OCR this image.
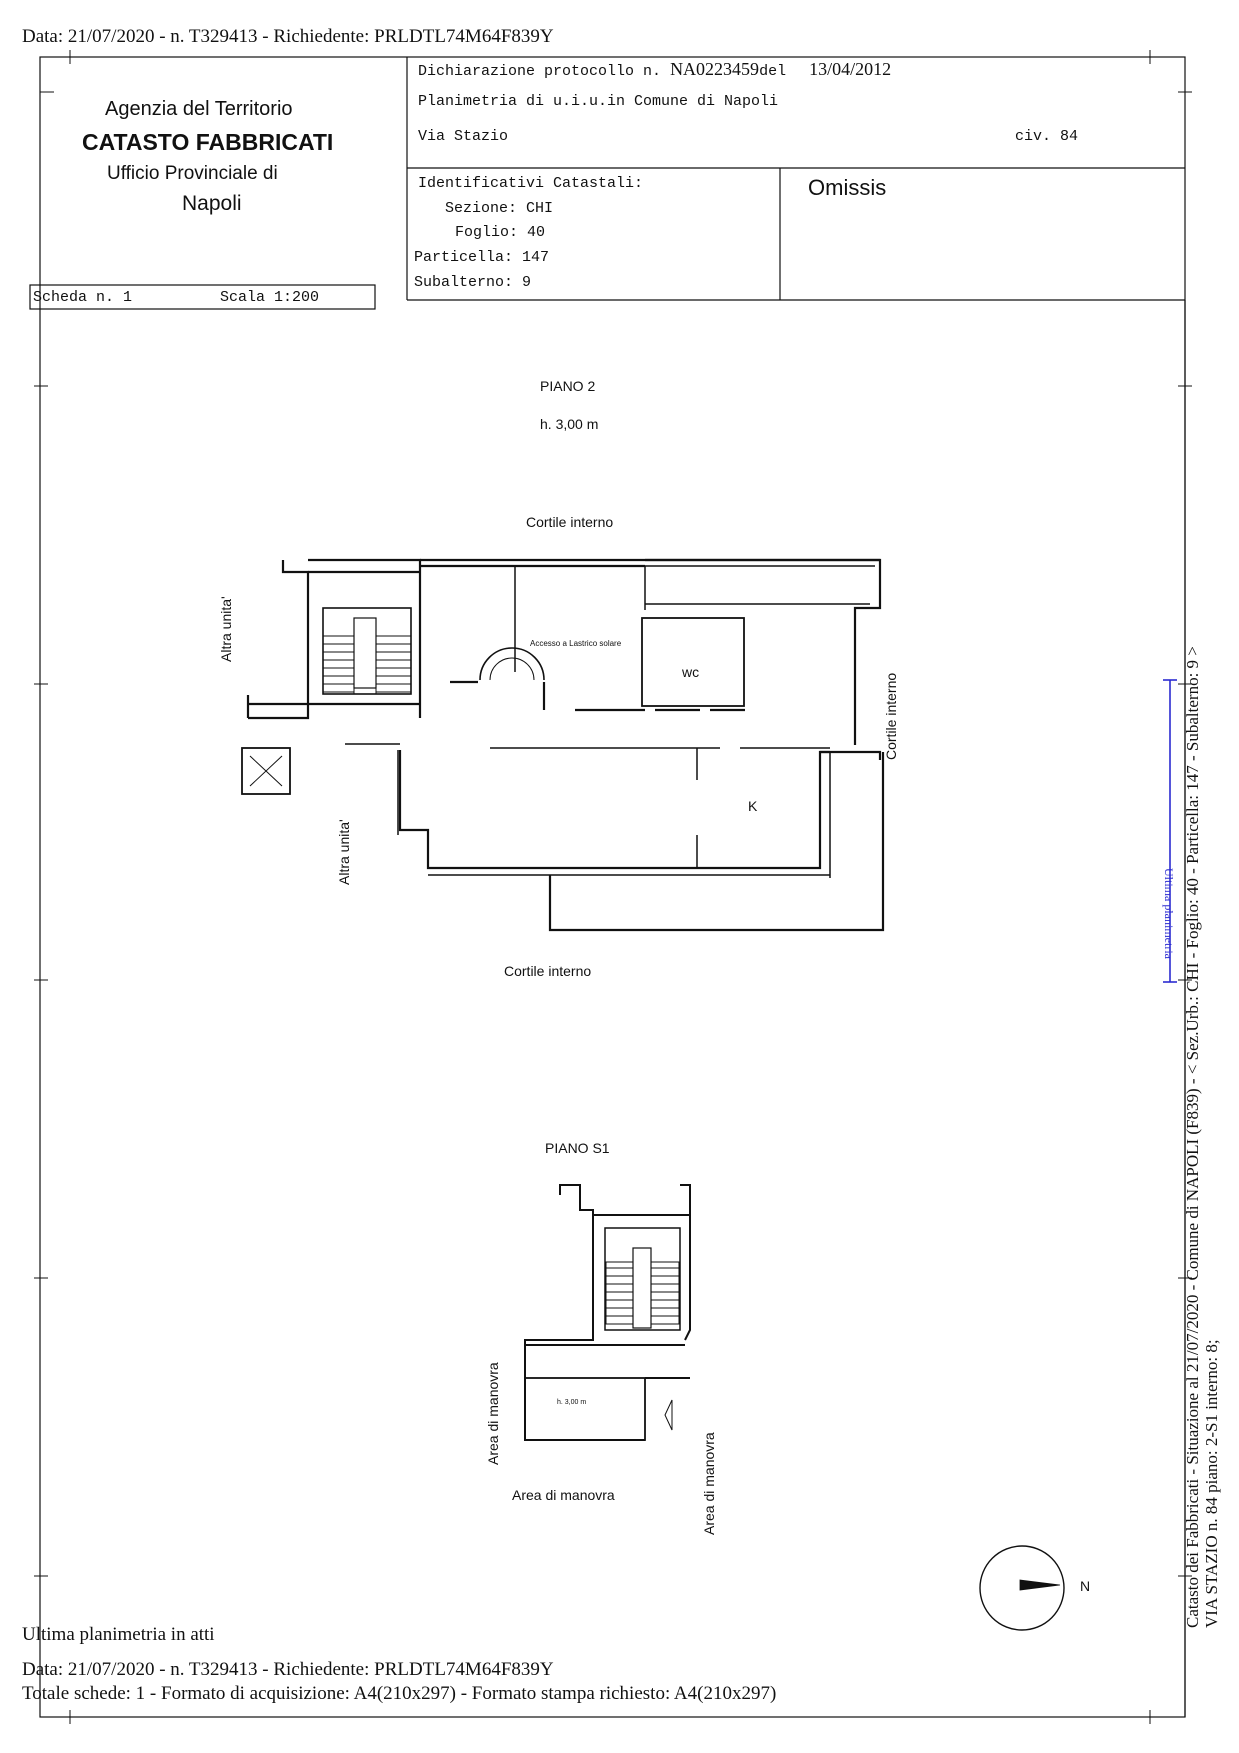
Data: 21/07/2020 - n. T329413 - Richiedente: PRLDTL74M64F839Y
Agenzia del Territorio
CATASTO FABBRICATI
Ufficio Provinciale di
Napoli
Dichiarazione protocollo n. NA0223459del 13/04/2012
Planimetria di u.i.u.in Comune di Napoli
Via Stazio	civ. 84
Identificativi Catastali:
Sezione: CHI
Foglio: 40
Particella: 147
Subalterno: 9
Omissis
Scheda n. 1	Scala 1:200
PIANO 2
h. 3,00 m
Cortile interno
Cortile interno
Cortile interno
Altra unita'
Altra unita'
Accesso a Lastrico solare
wc
K
PIANO S1
h. 3,00 m
Area di manovra
Area di manovra	Area di manovra
N	Catasto dei Fabbricati - Situazione al 21/07/2020 - Comune di NAPOLI (F839) - < Sez.Urb.: CHI - Foglio: 40 - Particella: 147 - Subalterno: 9 > VIA STAZIO n. 84 piano: 2-S1 interno: 8;
Ultima planimetria
Ultima planimetria in atti
Data: 21/07/2020 - n. T329413 - Richiedente: PRLDTL74M64F839Y
Totale schede: 1 - Formato di acquisizione: A4(210x297) - Formato stampa richiesto: A4(210x297)
